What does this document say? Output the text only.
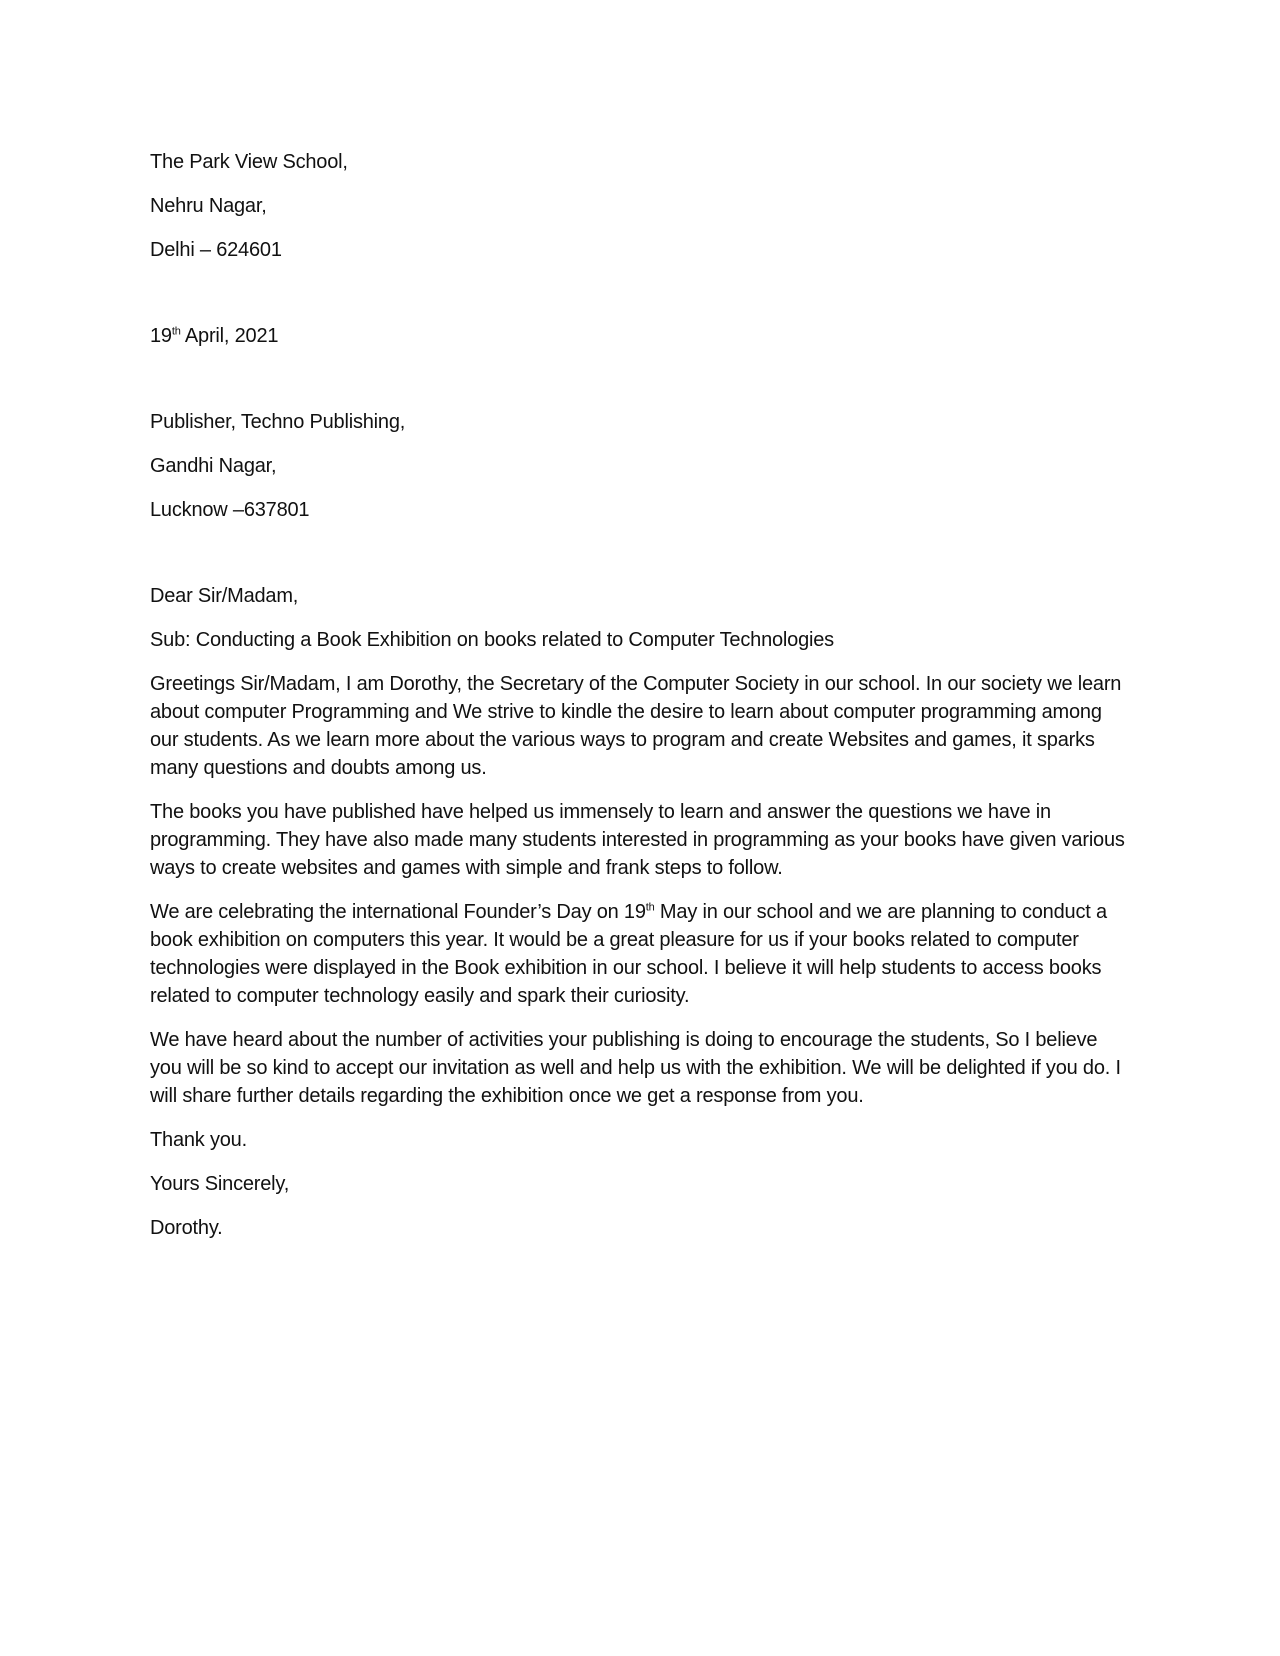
The Park View School,

Nehru Nagar,

Delhi – 624601

19th April, 2021

Publisher, Techno Publishing,

Gandhi Nagar,

Lucknow –637801

Dear Sir/Madam,

Sub: Conducting a Book Exhibition on books related to Computer Technologies

Greetings Sir/Madam, I am Dorothy, the Secretary of the Computer Society in our school. In our society we learn about computer Programming and We strive to kindle the desire to learn about computer programming among our students. As we learn more about the various ways to program and create Websites and games, it sparks many questions and doubts among us.

The books you have published have helped us immensely to learn and answer the questions we have in programming. They have also made many students interested in programming as your books have given various ways to create websites and games with simple and frank steps to follow.

We are celebrating the international Founder’s Day on 19th May in our school and we are planning to conduct a book exhibition on computers this year. It would be a great pleasure for us if your books related to computer technologies were displayed in the Book exhibition in our school. I believe it will help students to access books related to computer technology easily and spark their curiosity.

We have heard about the number of activities your publishing is doing to encourage the students, So I believe you will be so kind to accept our invitation as well and help us with the exhibition. We will be delighted if you do. I will share further details regarding the exhibition once we get a response from you.

Thank you.

Yours Sincerely,

Dorothy.
